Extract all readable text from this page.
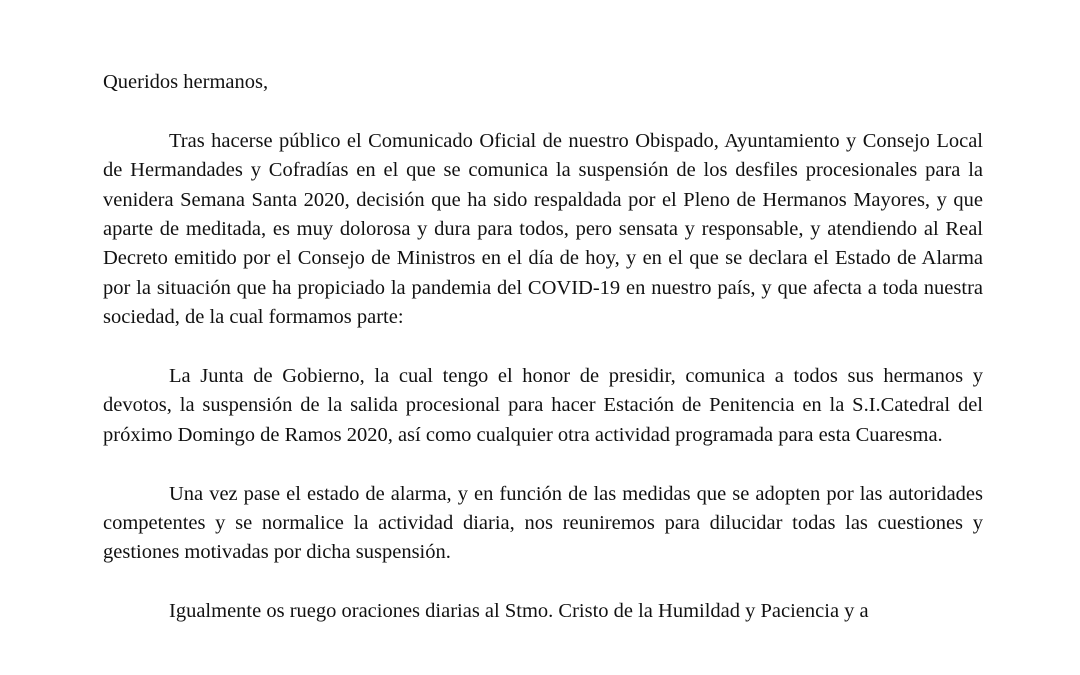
Queridos hermanos,

Tras hacerse público el Comunicado Oficial de nuestro Obispado, Ayuntamiento y Consejo Local de Hermandades y Cofradías en el que se comunica la suspensión de los desfiles procesionales para la venidera Semana Santa 2020, decisión que ha sido respaldada por el Pleno de Hermanos Mayores, y que aparte de meditada, es muy dolorosa y dura para todos, pero sensata y responsable, y atendiendo al Real Decreto emitido por el Consejo de Ministros en el día de hoy, y en el que se declara el Estado de Alarma por la situación que ha propiciado la pandemia del COVID-19 en nuestro país, y que afecta a toda nuestra sociedad, de la cual formamos parte:

La Junta de Gobierno, la cual tengo el honor de presidir, comunica a todos sus hermanos y devotos, la suspensión de la salida procesional para hacer Estación de Penitencia en la S.I.Catedral del próximo Domingo de Ramos 2020, así como cualquier otra actividad programada para esta Cuaresma.

Una vez pase el estado de alarma, y en función de las medidas que se adopten por las autoridades competentes y se normalice la actividad diaria, nos reuniremos para dilucidar todas las cuestiones y gestiones motivadas por dicha suspensión.

Igualmente os ruego oraciones diarias al Stmo. Cristo de la Humildad y Paciencia y a
